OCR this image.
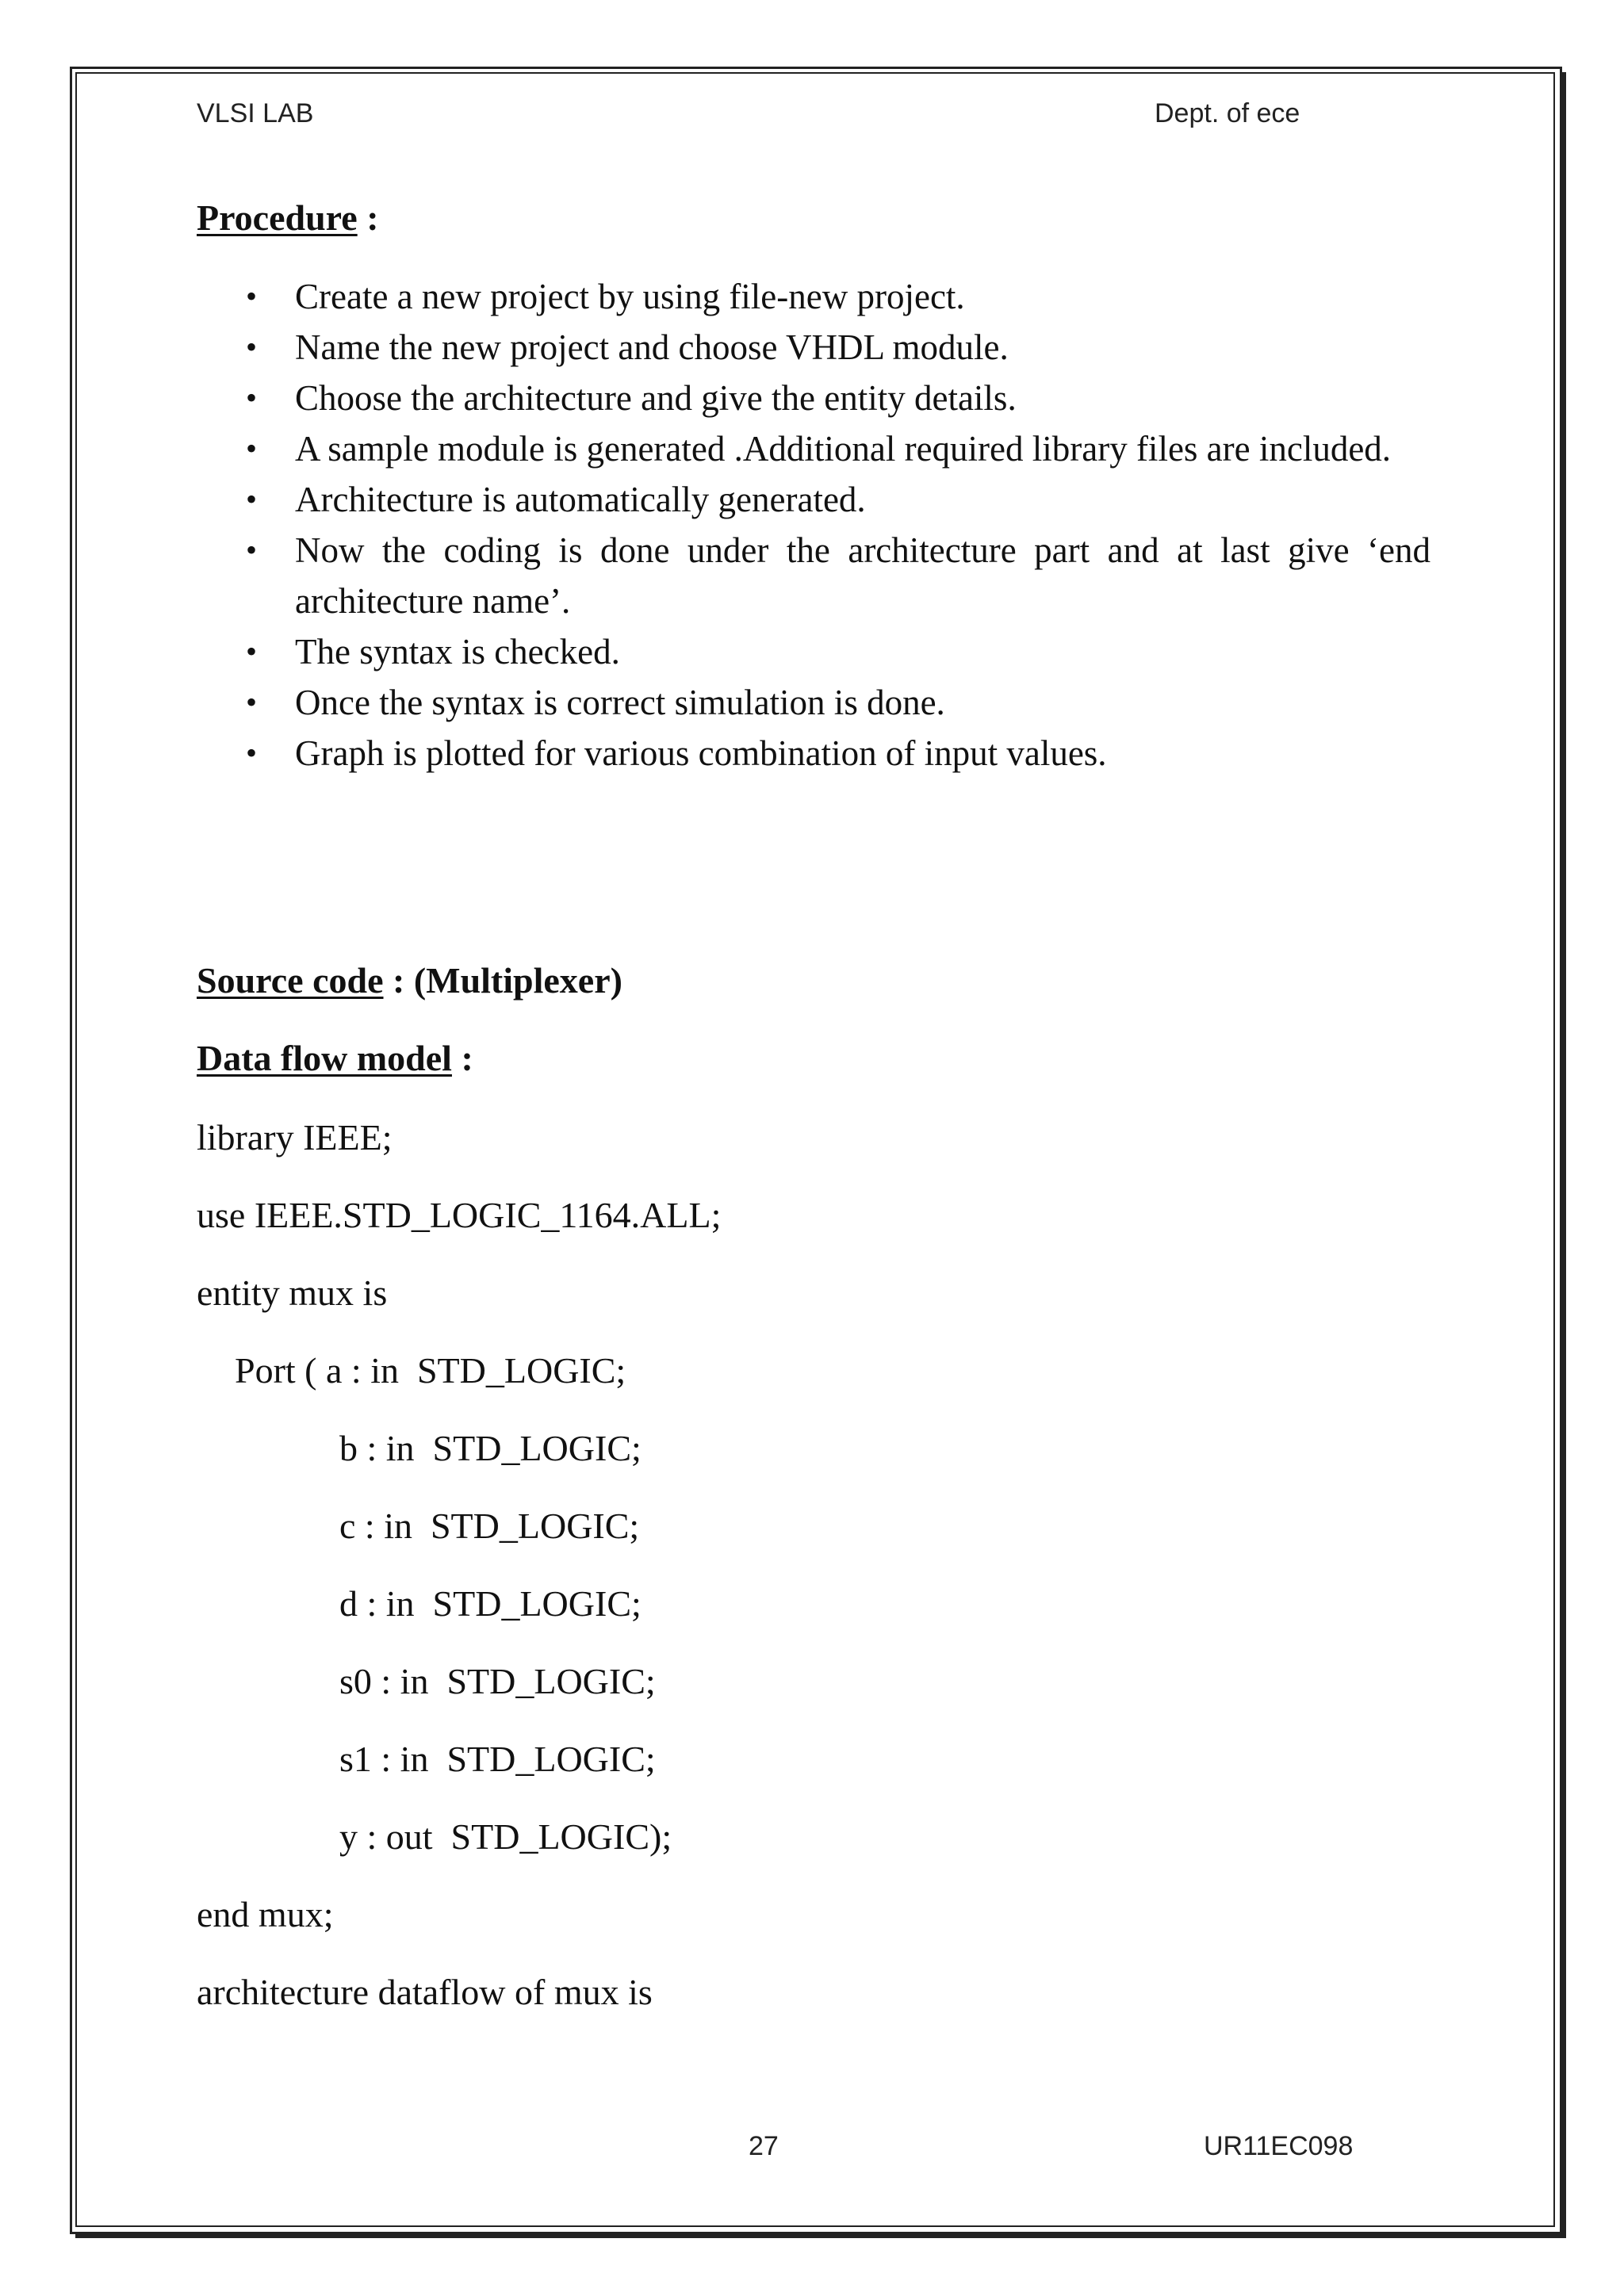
VLSI LAB	Dept. of ece
Procedure :
• Create a new project by using file-new project.
• Name the new project and choose VHDL module.
• Choose the architecture and give the entity details.
• A sample module is generated .Additional required library files are included.
• Architecture is automatically generated.
• Now the coding is done under the architecture part and at last give ‘end architecture name’.
• The syntax is checked.
• Once the syntax is correct simulation is done.
• Graph is plotted for various combination of input values.
Source code : (Multiplexer)
Data flow model :
library IEEE;
use IEEE.STD_LOGIC_1164.ALL;
entity mux is
Port ( a : in  STD_LOGIC;
b : in  STD_LOGIC;
c : in  STD_LOGIC;
d : in  STD_LOGIC;
s0 : in  STD_LOGIC;
s1 : in  STD_LOGIC;
y : out  STD_LOGIC);
end mux;
architecture dataflow of mux is
27	UR11EC098
